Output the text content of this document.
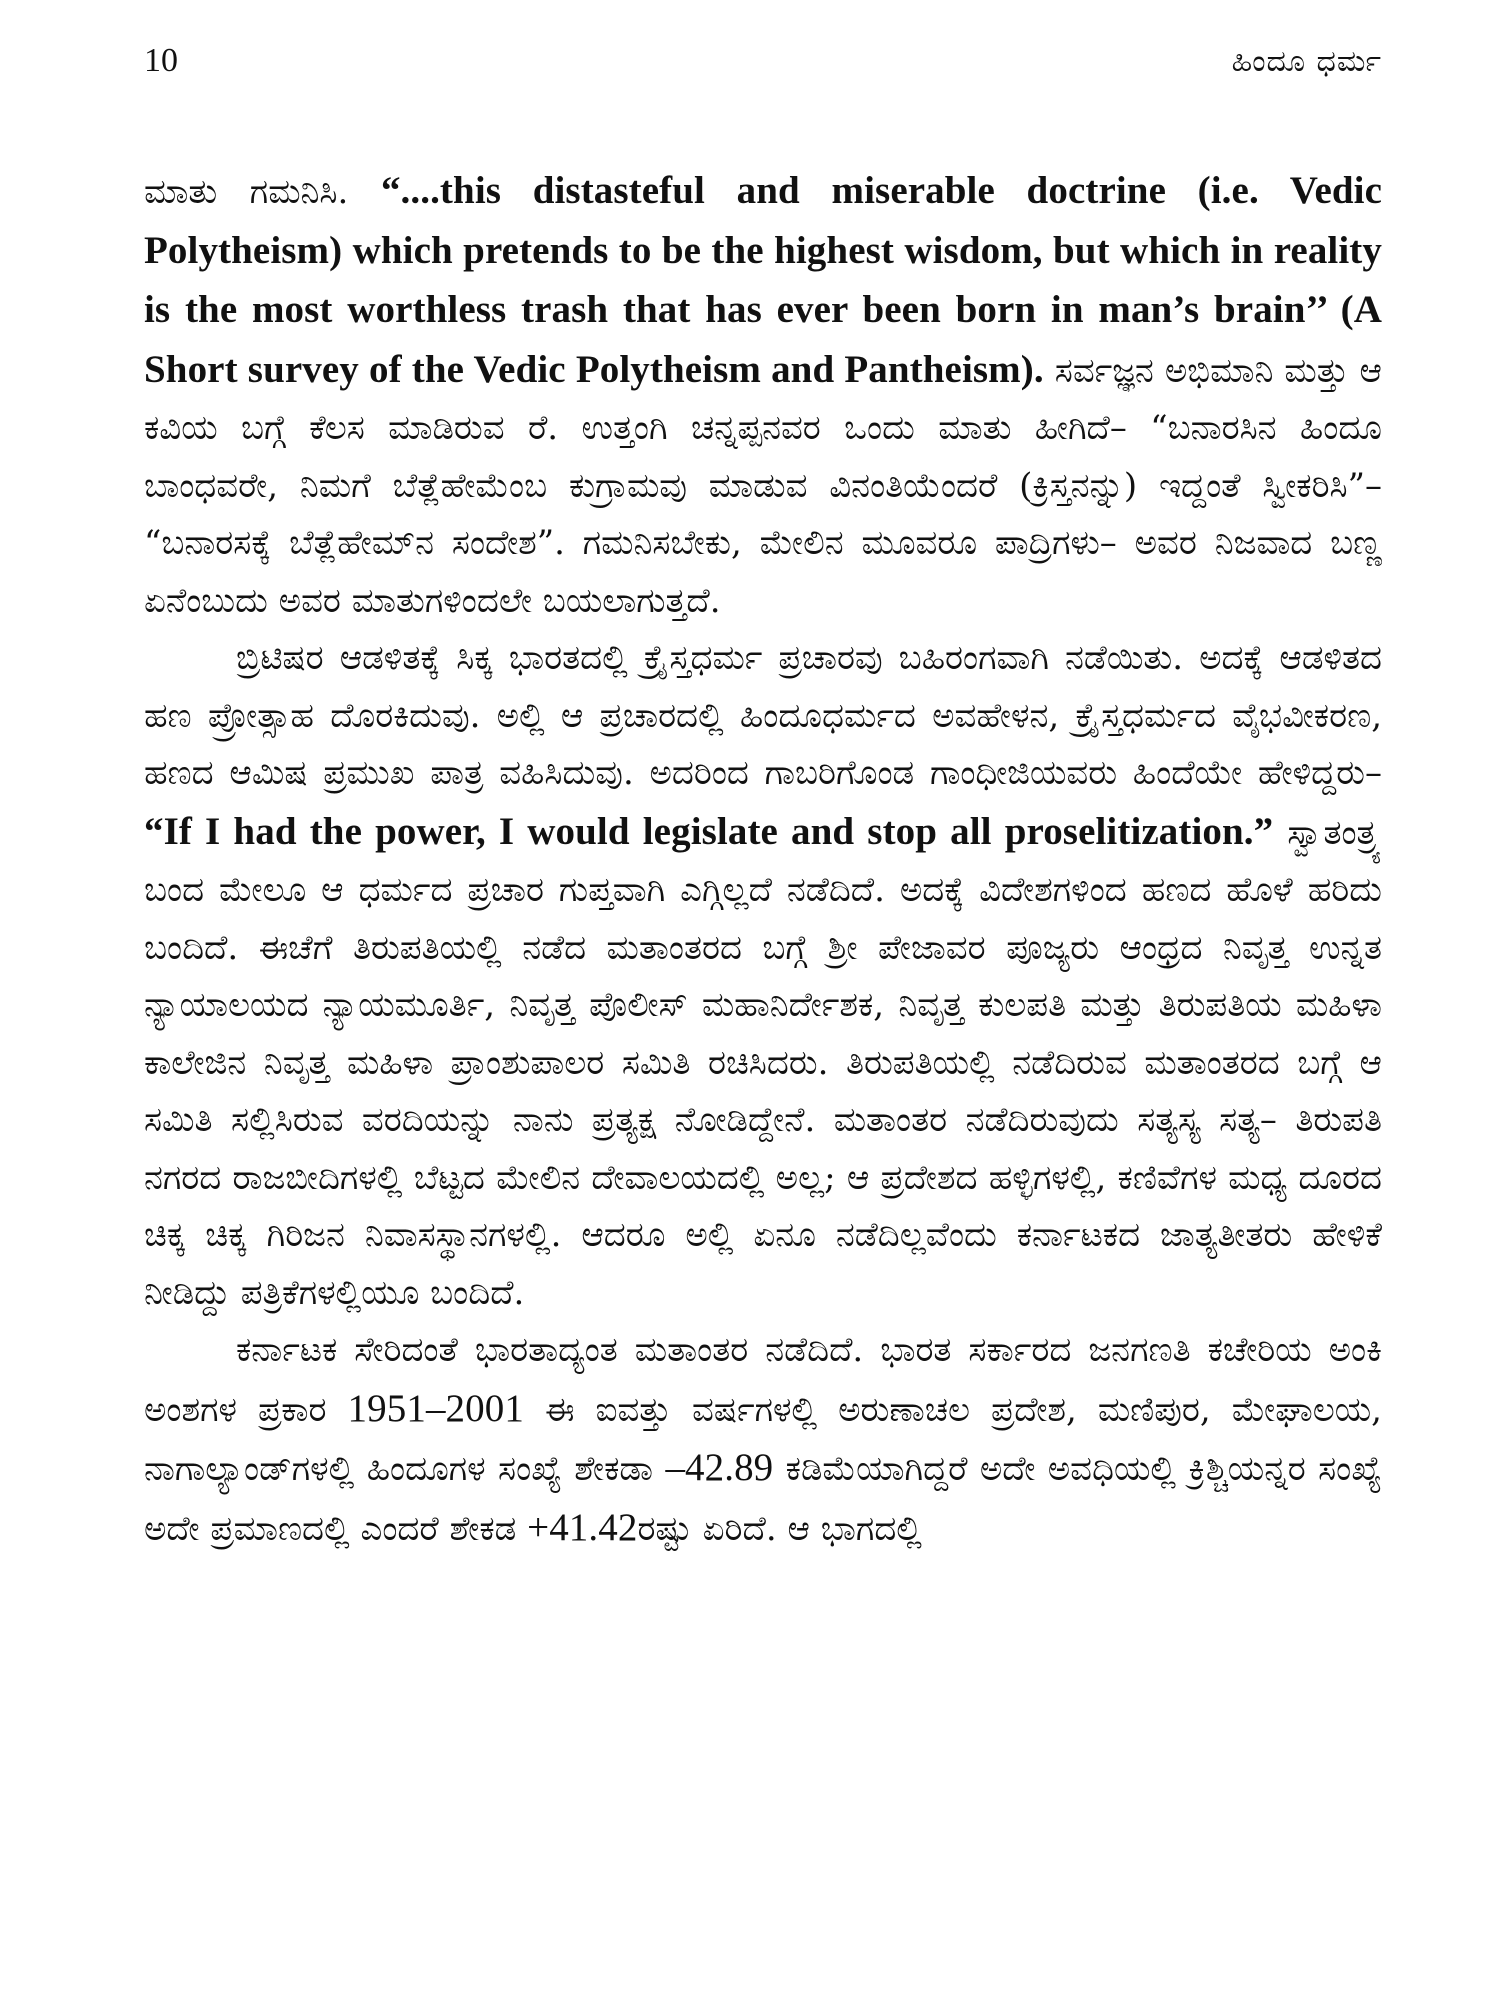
10	ಹಿಂದೂ ಧರ್ಮ

ಮಾತು ಗಮನಿಸಿ. “....this distasteful and miserable doctrine (i.e. Vedic Polytheism) which pretends to be the highest wisdom, but which in reality is the most worthless trash that has ever been born in man’s brain’’ (A Short survey of the Vedic Polytheism and Pantheism). ಸರ್ವಜ್ಞನ ಅಭಿಮಾನಿ ಮತ್ತು ಆ ಕವಿಯ ಬಗ್ಗೆ ಕೆಲಸ ಮಾಡಿರುವ ರೆ. ಉತ್ತಂಗಿ ಚನ್ನಪ್ಪನವರ ಒಂದು ಮಾತು ಹೀಗಿದೆ– “ಬನಾರಸಿನ ಹಿಂದೂ ಬಾಂಧವರೇ, ನಿಮಗೆ ಬೆತ್ಲೆಹೇಮೆಂಬ ಕುಗ್ರಾಮವು ಮಾಡುವ ವಿನಂತಿಯೆಂದರೆ (ಕ್ರಿಸ್ತನನ್ನು) ಇದ್ದಂತೆ ಸ್ವೀಕರಿಸಿ”– “ಬನಾರಸಕ್ಕೆ ಬೆತ್ಲೆಹೇಮ್‌ನ ಸಂದೇಶ”. ಗಮನಿಸಬೇಕು, ಮೇಲಿನ ಮೂವರೂ ಪಾದ್ರಿಗಳು– ಅವರ ನಿಜವಾದ ಬಣ್ಣ ಏನೆಂಬುದು ಅವರ ಮಾತುಗಳಿಂದಲೇ ಬಯಲಾಗುತ್ತದೆ.

ಬ್ರಿಟಿಷರ ಆಡಳಿತಕ್ಕೆ ಸಿಕ್ಕ ಭಾರತದಲ್ಲಿ ಕ್ರೈಸ್ತಧರ್ಮ ಪ್ರಚಾರವು ಬಹಿರಂಗವಾಗಿ ನಡೆಯಿತು. ಅದಕ್ಕೆ ಆಡಳಿತದ ಹಣ ಪ್ರೋತ್ಸಾಹ ದೊರಕಿದುವು. ಅಲ್ಲಿ ಆ ಪ್ರಚಾರದಲ್ಲಿ ಹಿಂದೂಧರ್ಮದ ಅವಹೇಳನ, ಕ್ರೈಸ್ತಧರ್ಮದ ವೈಭವೀಕರಣ, ಹಣದ ಆಮಿಷ ಪ್ರಮುಖ ಪಾತ್ರ ವಹಿಸಿದುವು. ಅದರಿಂದ ಗಾಬರಿಗೊಂಡ ಗಾಂಧೀಜಿಯವರು ಹಿಂದೆಯೇ ಹೇಳಿದ್ದರು– “If I had the power, I would legislate and stop all proselitization.” ಸ್ವಾತಂತ್ರ್ಯ ಬಂದ ಮೇಲೂ ಆ ಧರ್ಮದ ಪ್ರಚಾರ ಗುಪ್ತವಾಗಿ ಎಗ್ಗಿಲ್ಲದೆ ನಡೆದಿದೆ. ಅದಕ್ಕೆ ವಿದೇಶಗಳಿಂದ ಹಣದ ಹೊಳೆ ಹರಿದು ಬಂದಿದೆ. ಈಚೆಗೆ ತಿರುಪತಿಯಲ್ಲಿ ನಡೆದ ಮತಾಂತರದ ಬಗ್ಗೆ ಶ್ರೀ ಪೇಜಾವರ ಪೂಜ್ಯರು ಆಂಧ್ರದ ನಿವೃತ್ತ ಉನ್ನತ ನ್ಯಾಯಾಲಯದ ನ್ಯಾಯಮೂರ್ತಿ, ನಿವೃತ್ತ ಪೊಲೀಸ್ ಮಹಾನಿರ್ದೇಶಕ, ನಿವೃತ್ತ ಕುಲಪತಿ ಮತ್ತು ತಿರುಪತಿಯ ಮಹಿಳಾ ಕಾಲೇಜಿನ ನಿವೃತ್ತ ಮಹಿಳಾ ಪ್ರಾಂಶುಪಾಲರ ಸಮಿತಿ ರಚಿಸಿದರು. ತಿರುಪತಿಯಲ್ಲಿ ನಡೆದಿರುವ ಮತಾಂತರದ ಬಗ್ಗೆ ಆ ಸಮಿತಿ ಸಲ್ಲಿಸಿರುವ ವರದಿಯನ್ನು ನಾನು ಪ್ರತ್ಯಕ್ಷ ನೋಡಿದ್ದೇನೆ. ಮತಾಂತರ ನಡೆದಿರುವುದು ಸತ್ಯಸ್ಯ ಸತ್ಯ– ತಿರುಪತಿ ನಗರದ ರಾಜಬೀದಿಗಳಲ್ಲಿ ಬೆಟ್ಟದ ಮೇಲಿನ ದೇವಾಲಯದಲ್ಲಿ ಅಲ್ಲ; ಆ ಪ್ರದೇಶದ ಹಳ್ಳಿಗಳಲ್ಲಿ, ಕಣಿವೆಗಳ ಮಧ್ಯ ದೂರದ ಚಿಕ್ಕ ಚಿಕ್ಕ ಗಿರಿಜನ ನಿವಾಸಸ್ಥಾನಗಳಲ್ಲಿ. ಆದರೂ ಅಲ್ಲಿ ಏನೂ ನಡೆದಿಲ್ಲವೆಂದು ಕರ್ನಾಟಕದ ಜಾತ್ಯತೀತರು ಹೇಳಿಕೆ ನೀಡಿದ್ದು ಪತ್ರಿಕೆಗಳಲ್ಲಿಯೂ ಬಂದಿದೆ.

ಕರ್ನಾಟಕ ಸೇರಿದಂತೆ ಭಾರತಾದ್ಯಂತ ಮತಾಂತರ ನಡೆದಿದೆ. ಭಾರತ ಸರ್ಕಾರದ ಜನಗಣತಿ ಕಚೇರಿಯ ಅಂಕಿ ಅಂಶಗಳ ಪ್ರಕಾರ 1951–2001 ಈ ಐವತ್ತು ವರ್ಷಗಳಲ್ಲಿ ಅರುಣಾಚಲ ಪ್ರದೇಶ, ಮಣಿಪುರ, ಮೇಘಾಲಯ, ನಾಗಾಲ್ಯಾಂಡ್‌ಗಳಲ್ಲಿ ಹಿಂದೂಗಳ ಸಂಖ್ಯೆ ಶೇಕಡಾ –42.89 ಕಡಿಮೆಯಾಗಿದ್ದರೆ ಅದೇ ಅವಧಿಯಲ್ಲಿ ಕ್ರಿಶ್ಚಿಯನ್ನರ ಸಂಖ್ಯೆ ಅದೇ ಪ್ರಮಾಣದಲ್ಲಿ ಎಂದರೆ ಶೇಕಡ +41.42ರಷ್ಟು ಏರಿದೆ. ಆ ಭಾಗದಲ್ಲಿ
